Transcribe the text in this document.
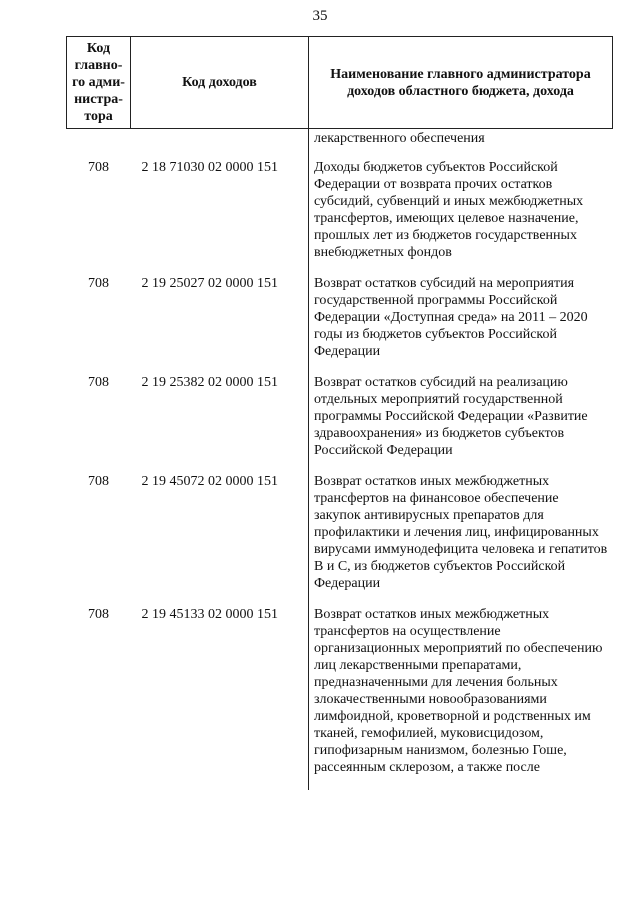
35
Код главно-го адми-нистра-тора	Код доходов	Наименование главного администратора доходов областного бюджета, дохода
		лекарственного обеспечения
708	2 18 71030 02 0000 151	Доходы бюджетов субъектов Российской Федерации от возврата прочих остатков субсидий, субвенций и иных межбюджетных трансфертов, имеющих целевое назначение, прошлых лет из бюджетов государственных внебюджетных фондов
708	2 19 25027 02 0000 151	Возврат остатков субсидий на мероприятия государственной программы Российской Федерации «Доступная среда» на 2011 – 2020 годы из бюджетов субъектов Российской Федерации
708	2 19 25382 02 0000 151	Возврат остатков субсидий на реализацию отдельных мероприятий государственной программы Российской Федерации «Развитие здравоохранения» из бюджетов субъектов Российской Федерации
708	2 19 45072 02 0000 151	Возврат остатков иных межбюджетных трансфертов на финансовое обеспечение закупок антивирусных препаратов для профилактики и лечения лиц, инфицированных вирусами иммунодефицита человека и гепатитов B и C, из бюджетов субъектов Российской Федерации
708	2 19 45133 02 0000 151	Возврат остатков иных межбюджетных трансфертов на осуществление организационных мероприятий по обеспечению лиц лекарственными препаратами, предназначенными для лечения больных злокачественными новообразованиями лимфоидной, кроветворной и родственных им тканей, гемофилией, муковисцидозом, гипофизарным нанизмом, болезнью Гоше, рассеянным склерозом, а также после
